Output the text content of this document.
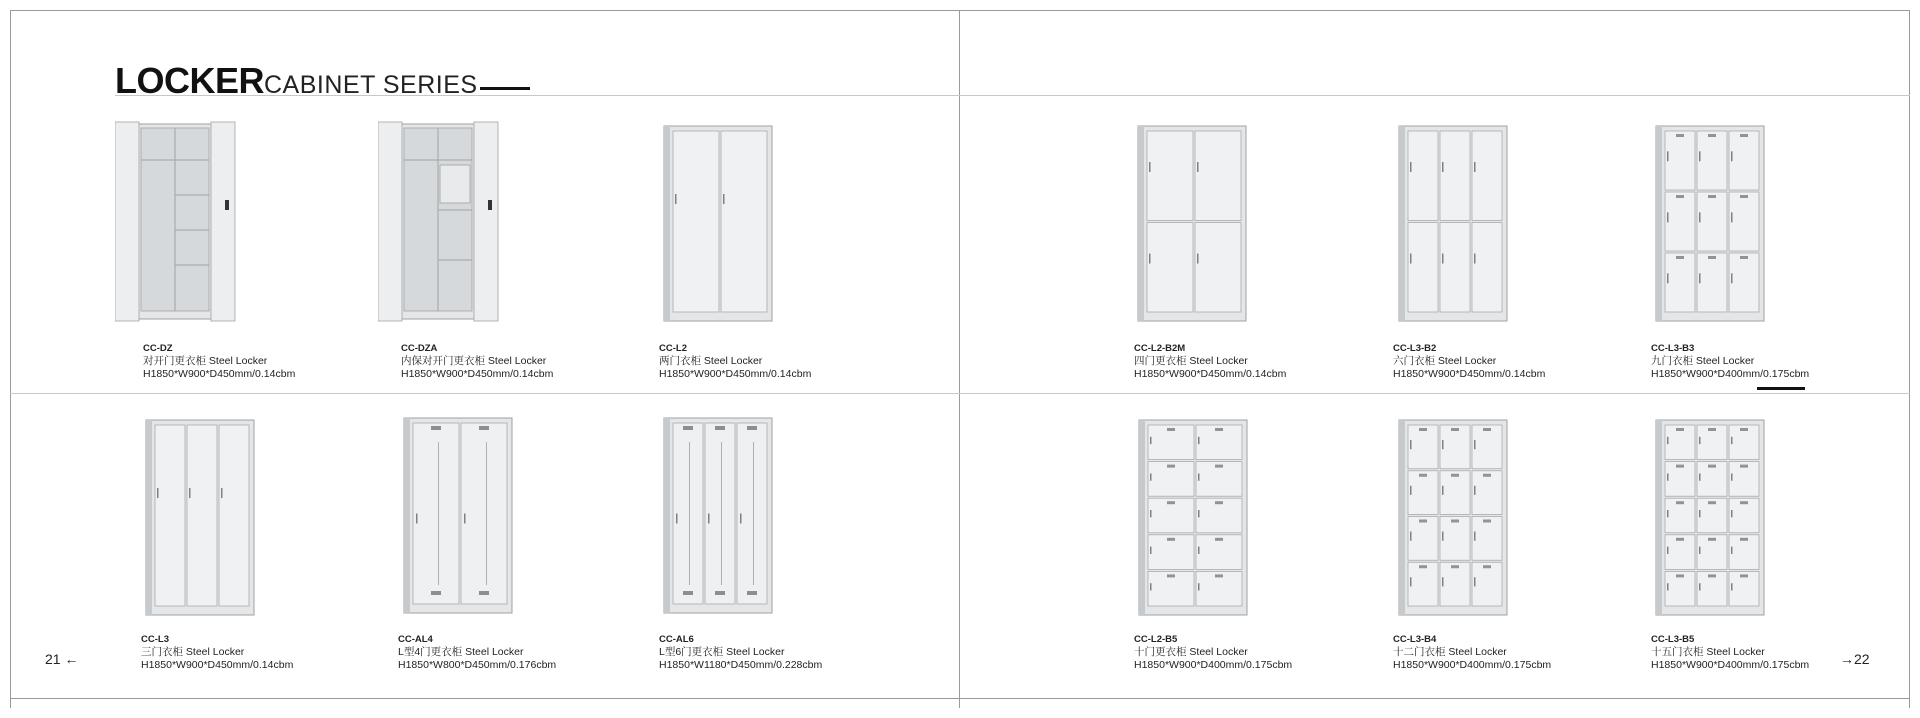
LOCKERCABINET SERIES
CC-DZ
对开门更衣柜 Steel Locker
H1850*W900*D450mm/0.14cbm
CC-DZA
内保对开门更衣柜 Steel Locker
H1850*W900*D450mm/0.14cbm
CC-L2
两门衣柜 Steel Locker
H1850*W900*D450mm/0.14cbm
CC-L2-B2M
四门更衣柜 Steel Locker
H1850*W900*D450mm/0.14cbm
CC-L3-B2
六门衣柜 Steel Locker
H1850*W900*D450mm/0.14cbm
CC-L3-B3
九门衣柜 Steel Locker
H1850*W900*D400mm/0.175cbm
CC-L3
三门衣柜 Steel Locker
H1850*W900*D450mm/0.14cbm
CC-AL4
L型4门更衣柜 Steel Locker
H1850*W800*D450mm/0.176cbm
CC-AL6
L型6门更衣柜 Steel Locker
H1850*W1180*D450mm/0.228cbm
CC-L2-B5
十门更衣柜 Steel Locker
H1850*W900*D400mm/0.175cbm
CC-L3-B4
十二门衣柜 Steel Locker
H1850*W900*D400mm/0.175cbm
CC-L3-B5
十五门衣柜 Steel Locker
H1850*W900*D400mm/0.175cbm
21 ←	→22
